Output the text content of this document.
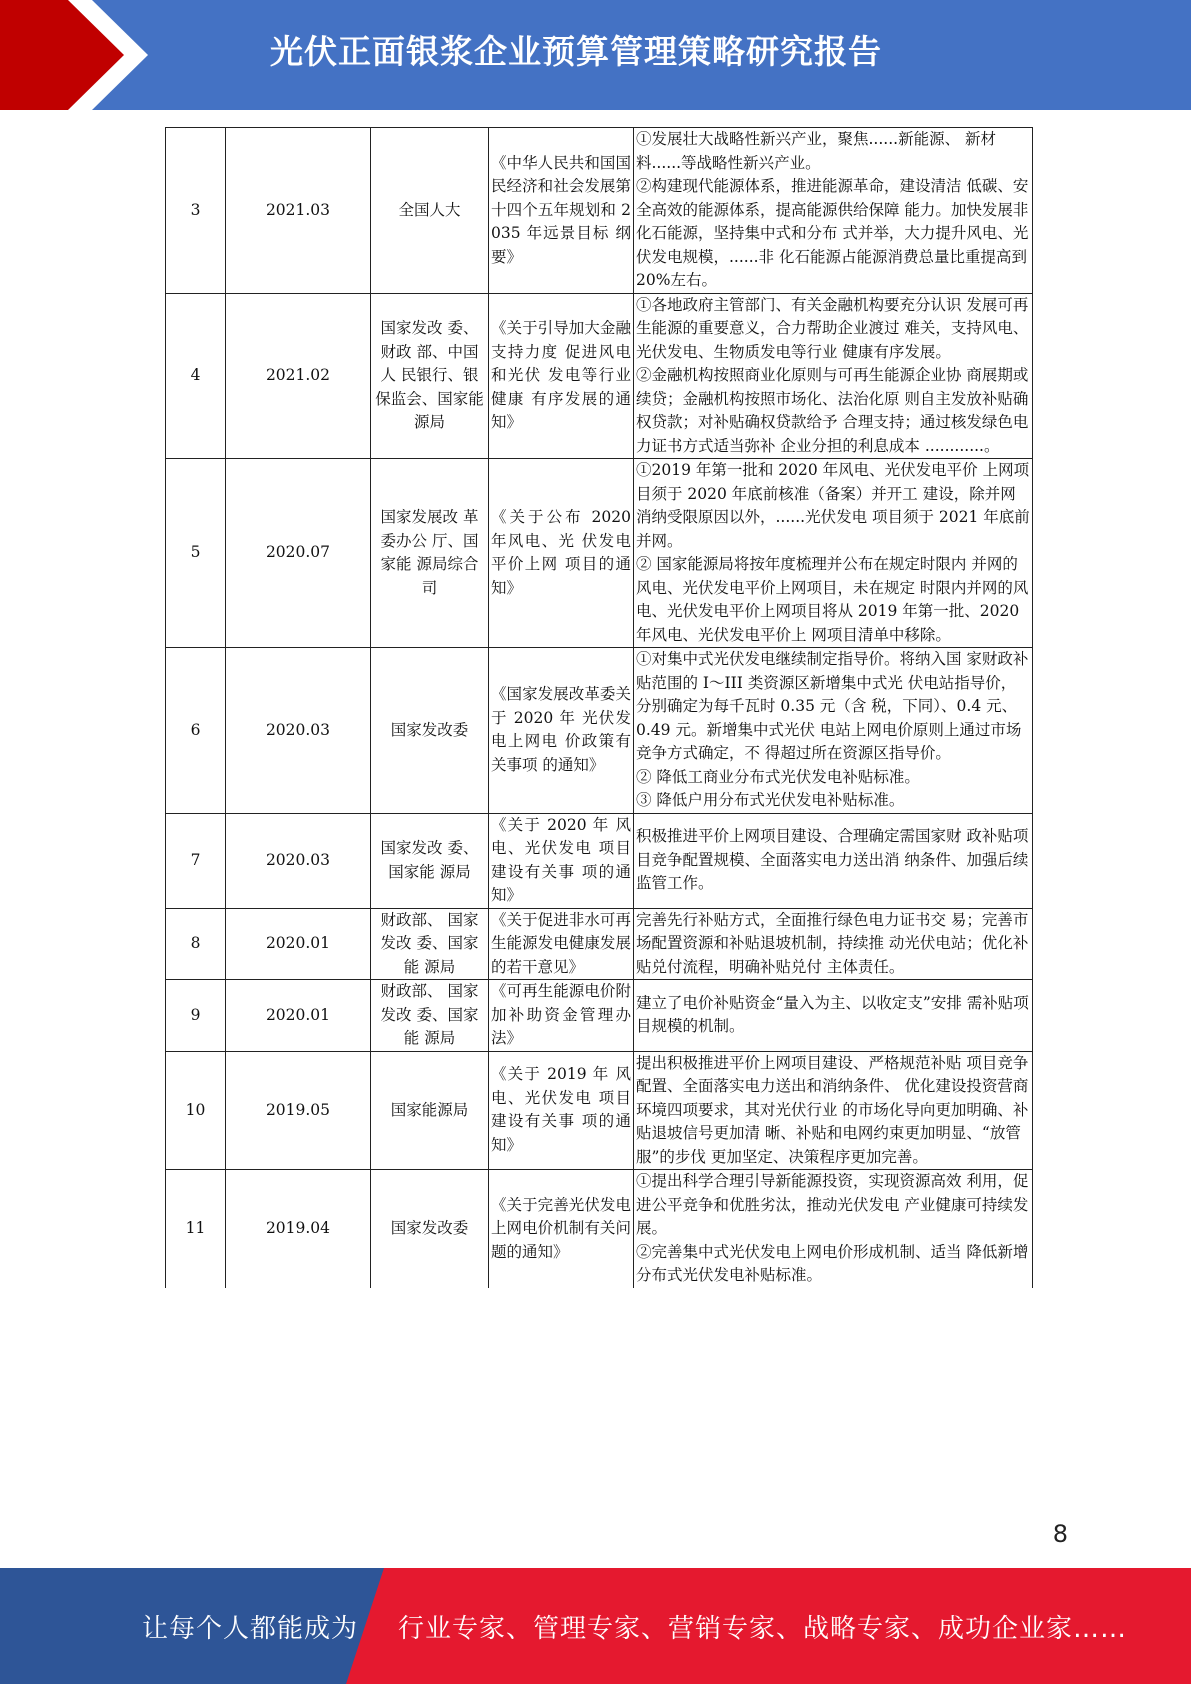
光伏正面银浆企业预算管理策略研究报告
3	2021.03	全国人大	《中华人民共和国国民经济和社会发展第十四个五年规划和 2035 年远景目标 纲要》	①发展壮大战略性新兴产业，聚焦......新能源、 新材料......等战略性新兴产业。
②构建现代能源体系，推进能源革命，建设清洁 低碳、安全高效的能源体系，提高能源供给保障 能力。加快发展非化石能源，坚持集中式和分布 式并举，大力提升风电、光伏发电规模，......非 化石能源占能源消费总量比重提高到 20%左右。

4	2021.02	国家发改 委、财政 部、中国人 民银行、银保监会、国家能源局	《关于引导加大金融支持力度 促进风电和光伏 发电等行业健康 有序发展的通 知》	①各地政府主管部门、有关金融机构要充分认识 发展可再生能源的重要意义，合力帮助企业渡过 难关，支持风电、光伏发电、生物质发电等行业 健康有序发展。
②金融机构按照商业化原则与可再生能源企业协 商展期或续贷；金融机构按照市场化、法治化原 则自主发放补贴确权贷款；对补贴确权贷款给予 合理支持；通过核发绿色电力证书方式适当弥补 企业分担的利息成本 ............。

5	2020.07	国家发展改 革委办公 厅、国家能 源局综合司	《关于公布 2020 年风电、光 伏发电平价上网 项目的通知》	①2019 年第一批和 2020 年风电、光伏发电平价 上网项目须于 2020 年底前核准（备案）并开工 建设，除并网消纳受限原因以外，......光伏发电 项目须于 2021 年底前并网。
② 国家能源局将按年度梳理并公布在规定时限内 并网的风电、光伏发电平价上网项目，未在规定 时限内并网的风电、光伏发电平价上网项目将从 2019 年第一批、2020 年风电、光伏发电平价上 网项目清单中移除。

6	2020.03	国家发改委	《国家发展改革委关于 2020 年 光伏发电上网电 价政策有关事项 的通知》	①对集中式光伏发电继续制定指导价。将纳入国 家财政补贴范围的 I～III 类资源区新增集中式光 伏电站指导价，分别确定为每千瓦时 0.35 元（含 税，下同）、0.4 元、0.49 元。新增集中式光伏 电站上网电价原则上通过市场竞争方式确定，不 得超过所在资源区指导价。
② 降低工商业分布式光伏发电补贴标准。
③ 降低户用分布式光伏发电补贴标准。

7	2020.03	国家发改 委、国家能 源局	《关于 2020 年 风电、光伏发电 项目建设有关事 项的通知》	积极推进平价上网项目建设、合理确定需国家财 政补贴项目竞争配置规模、全面落实电力送出消 纳条件、加强后续监管工作。

8	2020.01	财政部、 国家发改 委、国家能 源局	《关于促进非水可再生能源发电健康发展的若干意见》	完善先行补贴方式，全面推行绿色电力证书交 易；完善市场配置资源和补贴退坡机制，持续推 动光伏电站；优化补贴兑付流程，明确补贴兑付 主体责任。

9	2020.01	财政部、 国家发改 委、国家能 源局	《可再生能源电价附加补助资金管理办法》	建立了电价补贴资金“量入为主、以收定支”安排 需补贴项目规模的机制。

10	2019.05	国家能源局	《关于 2019 年 风电、光伏发电 项目建设有关事 项的通知》	提出积极推进平价上网项目建设、严格规范补贴 项目竞争配置、全面落实电力送出和消纳条件、 优化建设投资营商环境四项要求，其对光伏行业 的市场化导向更加明确、补贴退坡信号更加清 晰、补贴和电网约束更加明显、“放管服”的步伐 更加坚定、决策程序更加完善。

11	2019.04	国家发改委	《关于完善光伏发电上网电价机制有关问题的通知》	①提出科学合理引导新能源投资，实现资源高效 利用，促进公平竞争和优胜劣汰，推动光伏发电 产业健康可持续发展。
②完善集中式光伏发电上网电价形成机制、适当 降低新增分布式光伏发电补贴标准。
8
让每个人都能成为 行业专家、管理专家、营销专家、战略专家、成功企业家……
